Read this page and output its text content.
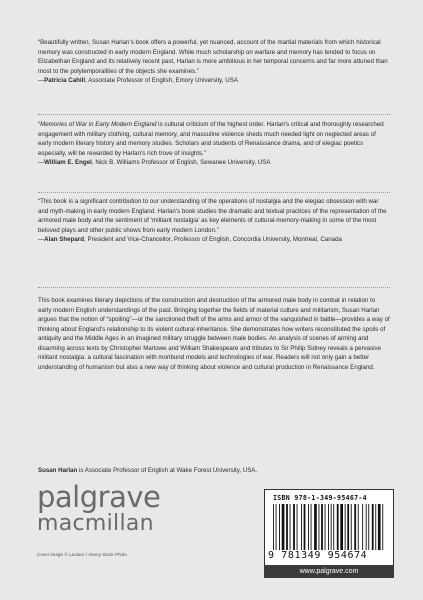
“Beautifully written, Susan Harlan’s book offers a powerful, yet nuanced, account of the martial materials from which historical memory was constructed in early modern England. While much scholarship on warfare and memory has tended to focus on Elizabethan England and its relatively recent past, Harlan is more ambitious in her temporal concerns and far more attuned than most to the polytemporalities of the objects she examines.”

—Patricia Cahill, Associate Professor of English, Emory University, USA

“Memories of War in Early Modern England is cultural criticism of the highest order. Harlan’s critical and thoroughly researched engagement with military clothing, cultural memory, and masculine violence sheds much needed light on neglected areas of early modern literary history and memory studies. Scholars and students of Renaissance drama, and of elegiac poetics especially, will be rewarded by Harlan’s rich trove of insights.”

—William E. Engel, Nick B. Williams Professor of English, Sewanee University, USA

“This book is a significant contribution to our understanding of the operations of nostalgia and the elegiac obsession with war and myth-making in early modern England. Harlan’s book studies the dramatic and textual practices of the representation of the armored male body and the sentiment of ‘militant nostalgia’ as key elements of cultural-memory-making in some of the most beloved plays and other public shows from early modern London.”

—Alan Shepard, President and Vice-Chancellor, Professor of English, Concordia University, Montreal, Canada

This book examines literary depictions of the construction and destruction of the armored male body in combat in relation to early modern English understandings of the past. Bringing together the fields of material culture and militarism, Susan Harlan argues that the notion of “spoiling”—or the sanctioned theft of the arms and armor of the vanquished in battle—provides a way of thinking about England’s relationship to its violent cultural inheritance. She demonstrates how writers reconstituted the spoils of antiquity and the Middle Ages in an imagined military struggle between male bodies. An analysis of scenes of arming and disarming across texts by Christopher Marlowe and William Shakespeare and tributes to Sir Philip Sidney reveals a pervasive militant nostalgia: a cultural fascination with moribund models and technologies of war. Readers will not only gain a better understanding of humanism but also a new way of thinking about violence and cultural production in Renaissance England.

Susan Harlan is Associate Professor of English at Wake Forest University, USA.
palgrave
macmillan
Cover image © Lautaro / Alamy Stock Photo
ISBN 978-1-349-95467-4
9 781349 954674
www.palgrave.com
